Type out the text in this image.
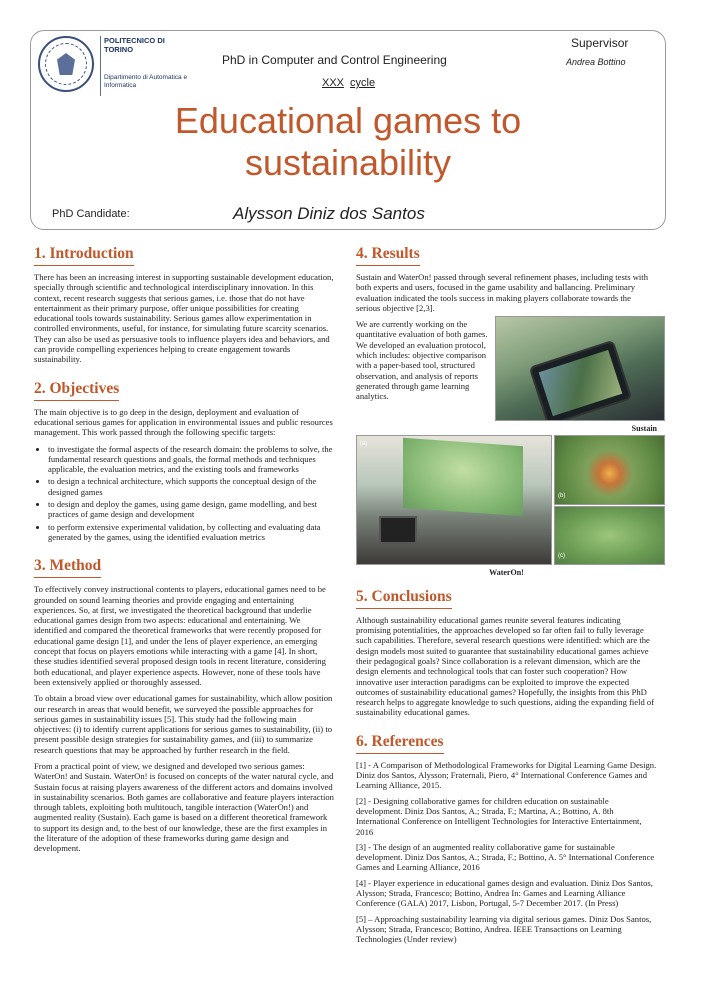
POLITECNICO DI TORINO
Dipartimento di Automatica e Informatica
PhD in Computer and Control Engineering
XXX cycle
Supervisor
Andrea Bottino
Educational games to sustainability
PhD Candidate:	Alysson Diniz dos Santos
1. Introduction

There has been an increasing interest in supporting sustainable development education, specially through scientific and technological interdisciplinary innovation. In this context, recent research suggests that serious games, i.e. those that do not have entertainment as their primary purpose, offer unique possibilities for creating educational tools towards sustainability. Serious games allow experimentation in controlled environments, useful, for instance, for simulating future scarcity scenarios. They can also be used as persuasive tools to influence players idea and behaviors, and can provide compelling experiences helping to create engagement towards sustainability.

2. Objectives

The main objective is to go deep in the design, deployment and evaluation of educational serious games for application in environmental issues and public resources management. This work passed through the following specific targets:

• to investigate the formal aspects of the research domain: the problems to solve, the fundamental research questions and goals, the formal methods and techniques applicable, the evaluation metrics, and the existing tools and frameworks
• to design a technical architecture, which supports the conceptual design of the designed games
• to design and deploy the games, using game design, game modelling, and best practices of game design and development
• to perform extensive experimental validation, by collecting and evaluating data generated by the games, using the identified evaluation metrics
3. Method

To effectively convey instructional contents to players, educational games need to be grounded on sound learning theories and provide engaging and entertaining experiences. So, at first, we investigated the theoretical background that underlie educational games design from two aspects: educational and entertaining. We identified and compared the theoretical frameworks that were recently proposed for educational game design [1], and under the lens of player experience, an emerging concept that focus on players emotions while interacting with a game [4]. In short, these studies identified several proposed design tools in recent literature, considering both educational, and player experience aspects. However, none of these tools have been extensively applied or thoroughly assessed.

To obtain a broad view over educational games for sustainability, which allow position our research in areas that would benefit, we surveyed the possible approaches for serious games in sustainability issues [5]. This study had the following main objectives: (i) to identify current applications for serious games to sustainability, (ii) to present possible design strategies for sustainability games, and (iii) to summarize research questions that may be approached by further research in the field.

From a practical point of view, we designed and developed two serious games: WaterOn! and Sustain. WaterOn! is focused on concepts of the water natural cycle, and Sustain focus at raising players awareness of the different actors and domains involved in sustainability scenarios. Both games are collaborative and feature players interaction through tablets, exploiting both multitouch, tangible interaction (WaterOn!) and augmented reality (Sustain). Each game is based on a different theoretical framework to support its design and, to the best of our knowledge, these are the first examples in the literature of the adoption of these frameworks during game design and development.

4. Results

Sustain and WaterOn! passed through several refinement phases, including tests with both experts and users, focused in the game usability and ballancing. Preliminary evaluation indicated the tools success in making players collaborate towards the serious objective [2,3].

We are currently working on the quantitative evaluation of both games. We developed an evaluation protocol, which includes: objective comparison with a paper-based tool, structured observation, and analysis of reports generated through game learning analytics.
Sustain
(a)
(b)
(c)
WaterOn!
5. Conclusions

Although sustainability educational games reunite several features indicating promising potentialities, the approaches developed so far often fail to fully leverage such capabilities. Therefore, several research questions were identified: which are the design models most suited to guarantee that sustainability educational games achieve their pedagogical goals? Since collaboration is a relevant dimension, which are the design elements and technological tools that can foster such cooperation? How innovative user interaction paradigms can be exploited to improve the expected outcomes of sustainability educational games? Hopefully, the insights from this PhD research helps to aggregate knowledge to such questions, aiding the expanding field of sustainability educational games.

6. References

[1] - A Comparison of Methodological Frameworks for Digital Learning Game Design. Diniz dos Santos, Alysson; Fraternali, Piero, 4° International Conference Games and Learning Alliance, 2015.

[2] - Designing collaborative games for children education on sustainable development. Diniz Dos Santos, A.; Strada, F.; Martina, A.; Bottino, A. 8th International Conference on Intelligent Technologies for Interactive Entertainment, 2016

[3] - The design of an augmented reality collaborative game for sustainable development. Diniz Dos Santos, A.; Strada, F.; Bottino, A. 5° International Conference Games and Learning Alliance, 2016

[4] - Player experience in educational games design and evaluation. Diniz Dos Santos, Alysson; Strada, Francesco; Bottino, Andrea In: Games and Learning Alliance Conference (GALA) 2017, Lisbon, Portugal, 5-7 December 2017. (In Press)

[5] – Approaching sustainability learning via digital serious games. Diniz Dos Santos, Alysson; Strada, Francesco; Bottino, Andrea. IEEE Transactions on Learning Technologies (Under review)
